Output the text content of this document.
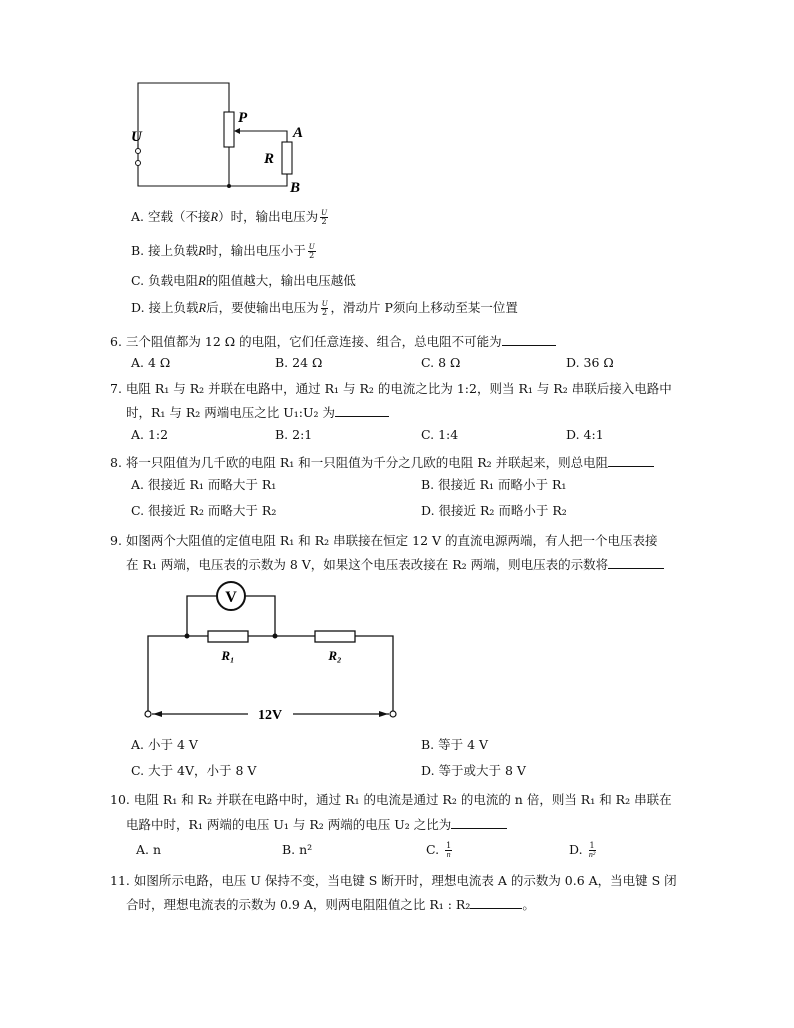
U
P
A
R
B
A. 空载（不接R）时，输出电压为 $\frac{U}{2}$
B. 接上负载R时，输出电压小于 $\frac{U}{2}$
C. 负载电阻R的阻值越大，输出电压越低
D. 接上负载R后，要使输出电压为 $\frac{U}{2}$ ，滑动片 P须向上移动至某一位置
6. 三个阻值都为 12 Ω 的电阻，它们任意连接、组合，总电阻不可能为
A. 4 Ω	B. 24 Ω	C. 8 Ω	D. 36 Ω
7. 电阻 R₁ 与 R₂ 并联在电路中，通过 R₁ 与 R₂ 的电流之比为 1:2，则当 R₁ 与 R₂ 串联后接入电路中
时，R₁ 与 R₂ 两端电压之比 U₁:U₂ 为
A. 1:2	B. 2:1	C. 1:4	D. 4:1
8. 将一只阻值为几千欧的电阻 R₁ 和一只阻值为千分之几欧的电阻 R₂ 并联起来，则总电阻
A. 很接近 R₁ 而略大于 R₁	B. 很接近 R₁ 而略小于 R₁
C. 很接近 R₂ 而略大于 R₂	D. 很接近 R₂ 而略小于 R₂
9. 如图两个大阻值的定值电阻 R₁ 和 R₂ 串联接在恒定 12 V 的直流电源两端，有人把一个电压表接
在 R₁ 两端，电压表的示数为 8 V，如果这个电压表改接在 R₂ 两端，则电压表的示数将
V
R₁	R₂
12V
A. 小于 4 V	B. 等于 4 V
C. 大于 4V，小于 8 V	D. 等于或大于 8 V
10. 电阻 R₁ 和 R₂ 并联在电路中时，通过 R₁ 的电流是通过 R₂ 的电流的 n 倍，则当 R₁ 和 R₂ 串联在
电路中时，R₁ 两端的电压 U₁ 与 R₂ 两端的电压 U₂ 之比为
A. n	B. n²	C. $\frac{1}{n}$	D. $\frac{1}{\text{n²}}$
11. 如图所示电路，电压 U 保持不变，当电键 S 断开时，理想电流表 A 的示数为 0.6 A，当电键 S 闭
合时，理想电流表的示数为 0.9 A，则两电阻阻值之比 R₁ : R₂	。
